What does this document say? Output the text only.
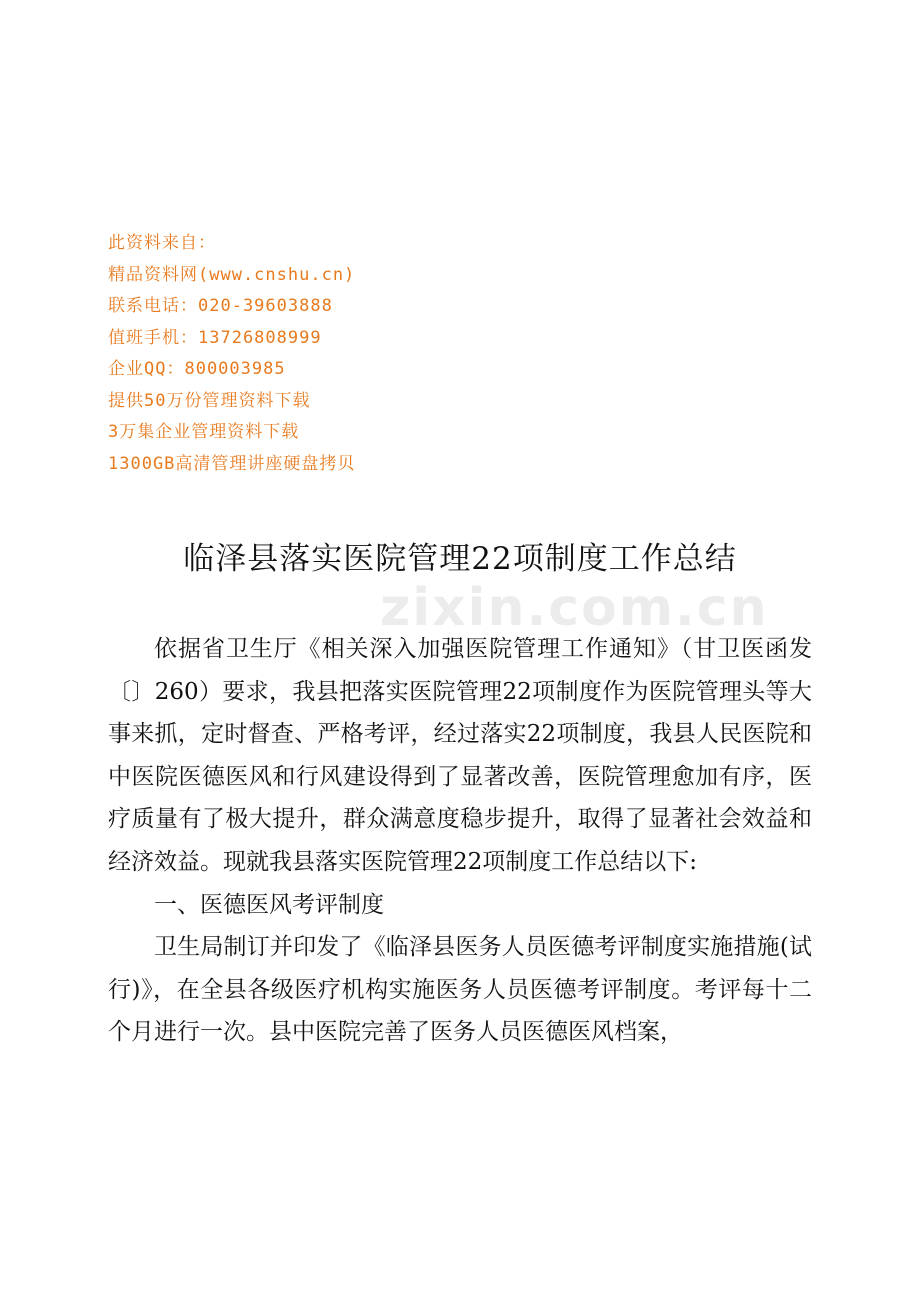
此资料来自：
精品资料网(www.cnshu.cn)
联系电话：020-39603888
值班手机：13726808999
企业QQ：800003985
提供50万份管理资料下载
3万集企业管理资料下载
1300GB高清管理讲座硬盘拷贝
临泽县落实医院管理22项制度工作总结
zixin.com.cn

依据省卫生厅《相关深入加强医院管理工作通知》（甘卫医函发〔〕260）要求，我县把落实医院管理22项制度作为医院管理头等大事来抓，定时督查、严格考评，经过落实22项制度，我县人民医院和中医院医德医风和行风建设得到了显著改善，医院管理愈加有序，医疗质量有了极大提升，群众满意度稳步提升，取得了显著社会效益和经济效益。现就我县落实医院管理22项制度工作总结以下:

一、医德医风考评制度

卫生局制订并印发了《临泽县医务人员医德考评制度实施措施(试行)》，在全县各级医疗机构实施医务人员医德考评制度。考评每十二个月进行一次。县中医院完善了医务人员医德医风档案，
